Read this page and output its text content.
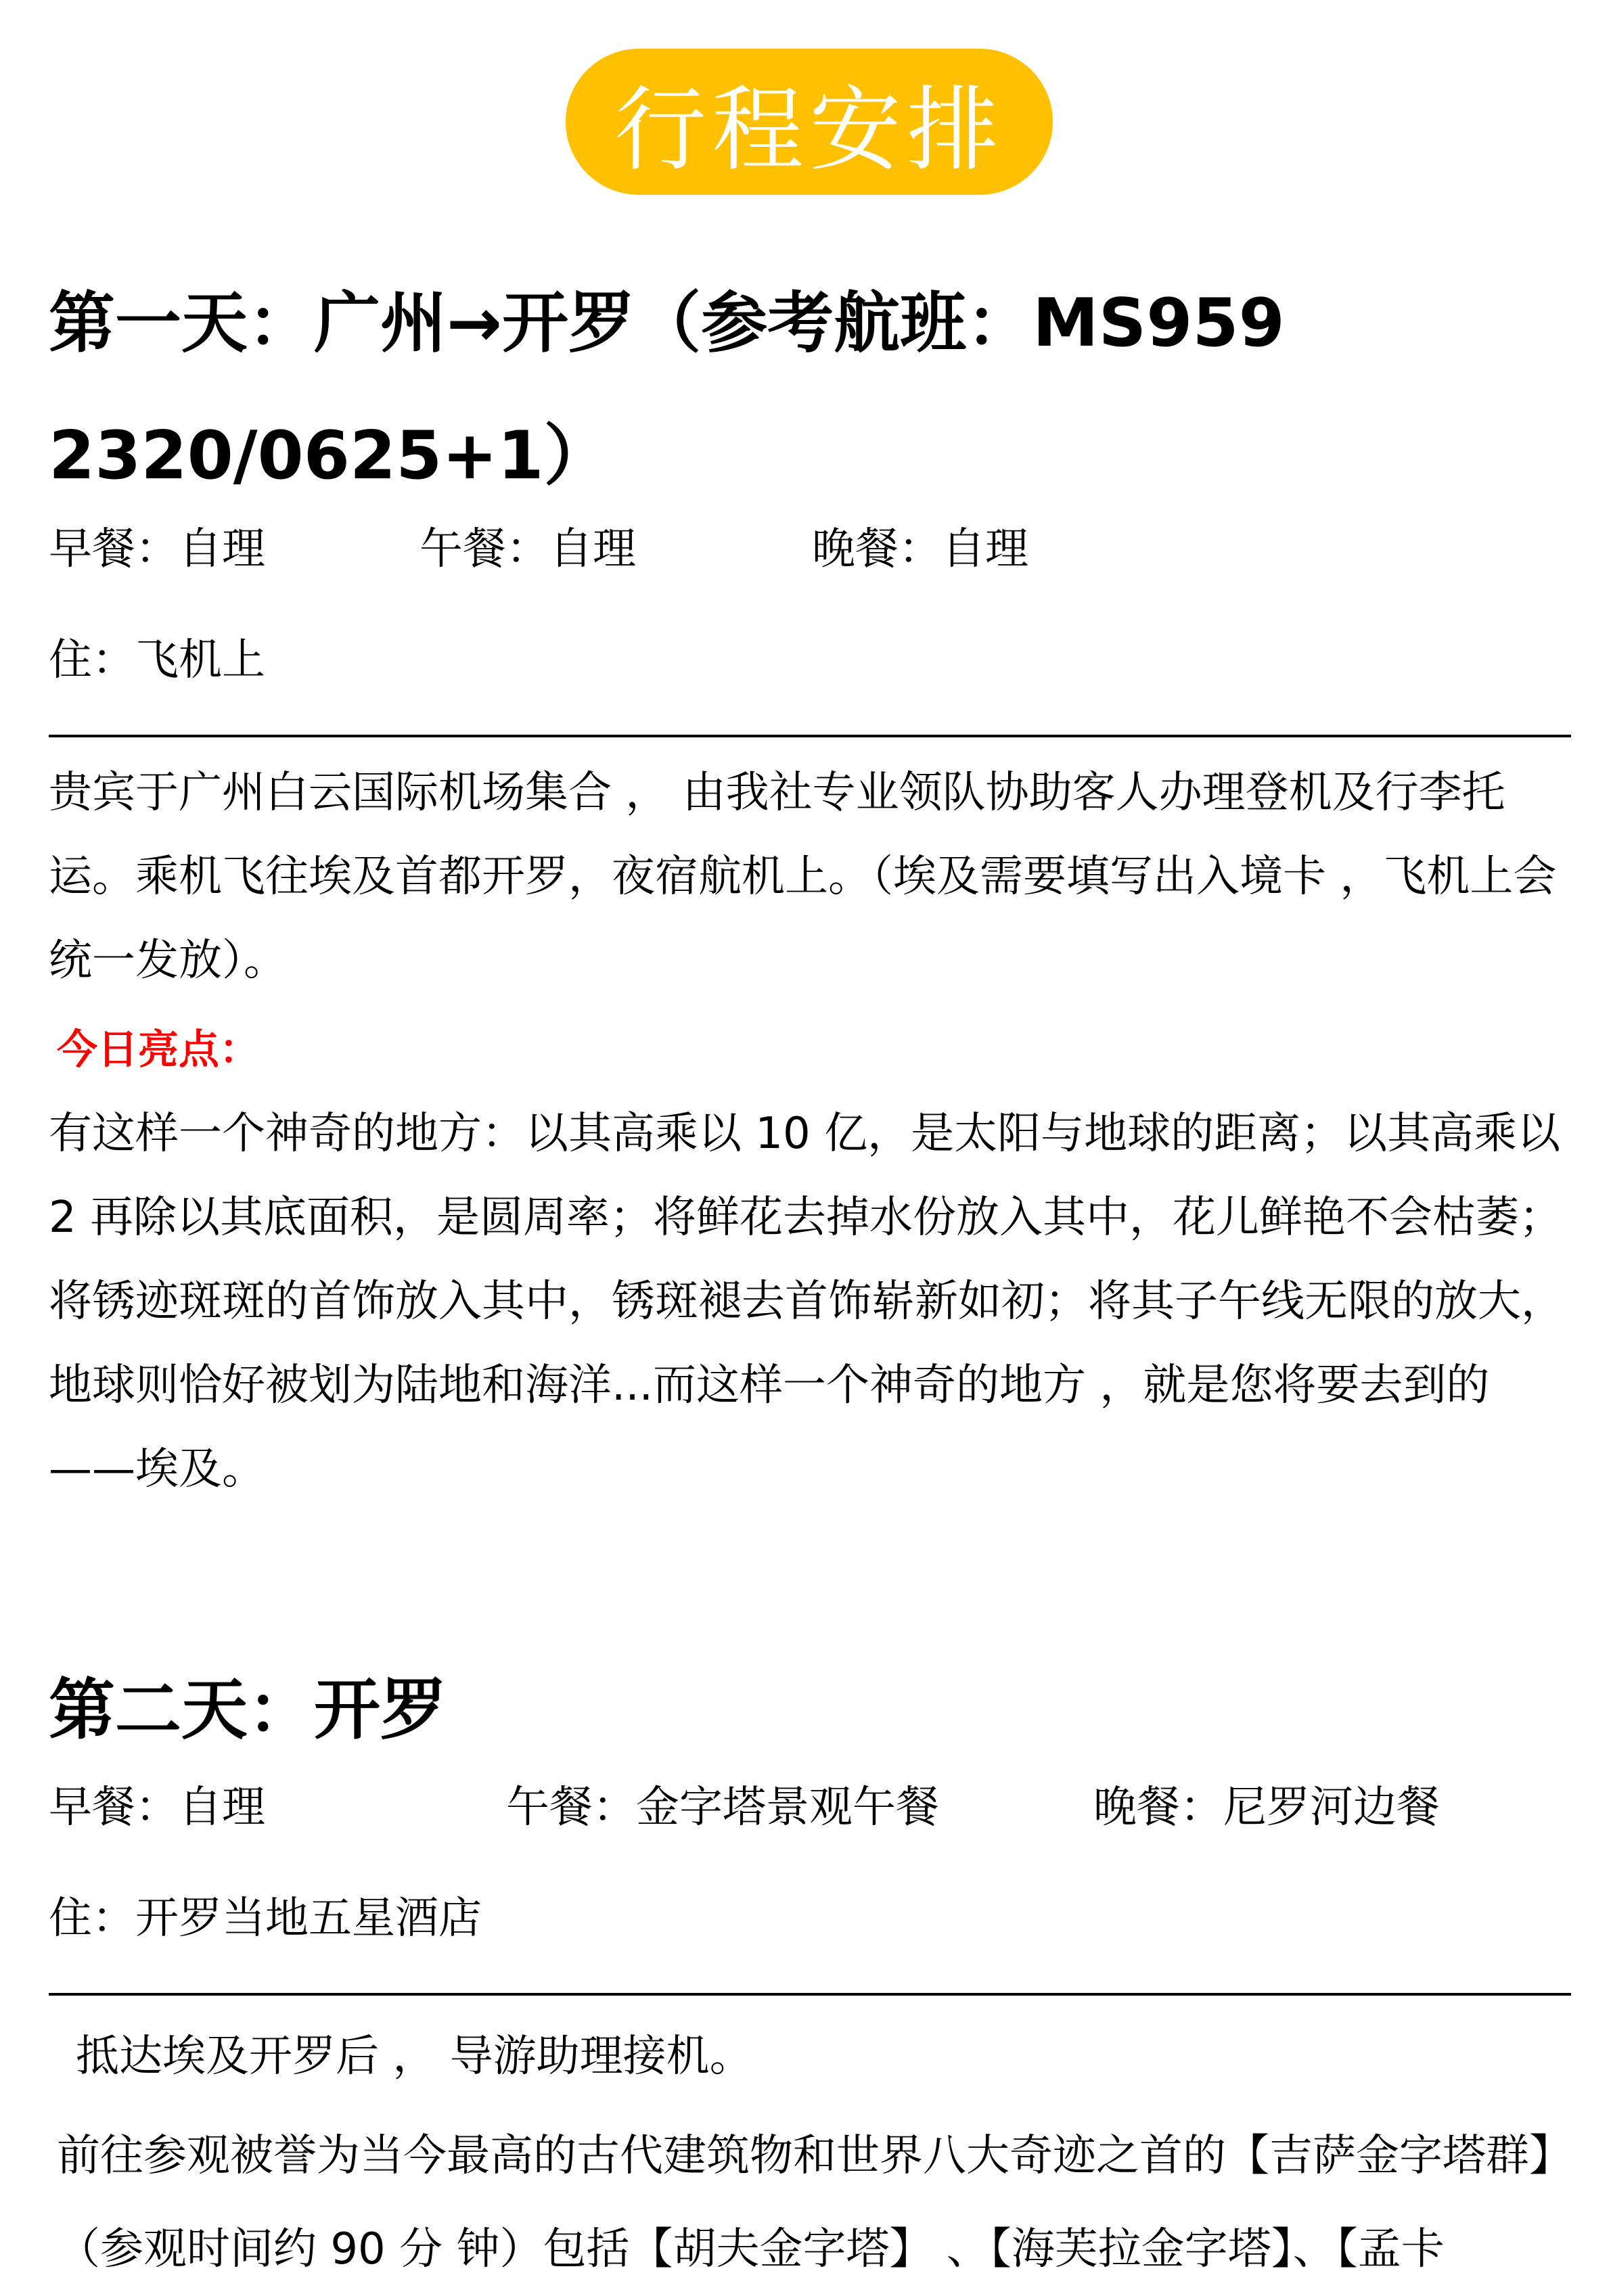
行程安排
第一天：广州→开罗（参考航班：MS959 2320/0625+1）
早餐：自理	午餐：自理	晚餐：自理
住：飞机上

贵宾于广州白云国际机场集合 ， 由我社专业领队协助客人办理登机及行李托运。乘机飞往埃及首都开罗，夜宿航机上。（埃及需要填写出入境卡 ，飞机上会统一发放）。

今日亮点：

有这样一个神奇的地方：以其高乘以 10 亿，是太阳与地球的距离；以其高乘以 2 再除以其底面积，是圆周率；将鲜花去掉水份放入其中，花儿鲜艳不会枯萎；将锈迹斑斑的首饰放入其中，锈斑褪去首饰崭新如初；将其子午线无限的放大，地球则恰好被划为陆地和海洋...而这样一个神奇的地方 ，就是您将要去到的——埃及。

第二天：开罗
早餐：自理	午餐：金字塔景观午餐	晚餐：尼罗河边餐
住：开罗当地五星酒店
抵达埃及开罗后 ， 导游助理接机。

前往参观被誉为当今最高的古代建筑物和世界八大奇迹之首的【吉萨金字塔群】（参观时间约 90 分 钟）包括【胡夫金字塔】 、【海芙拉金字塔】、【孟卡
